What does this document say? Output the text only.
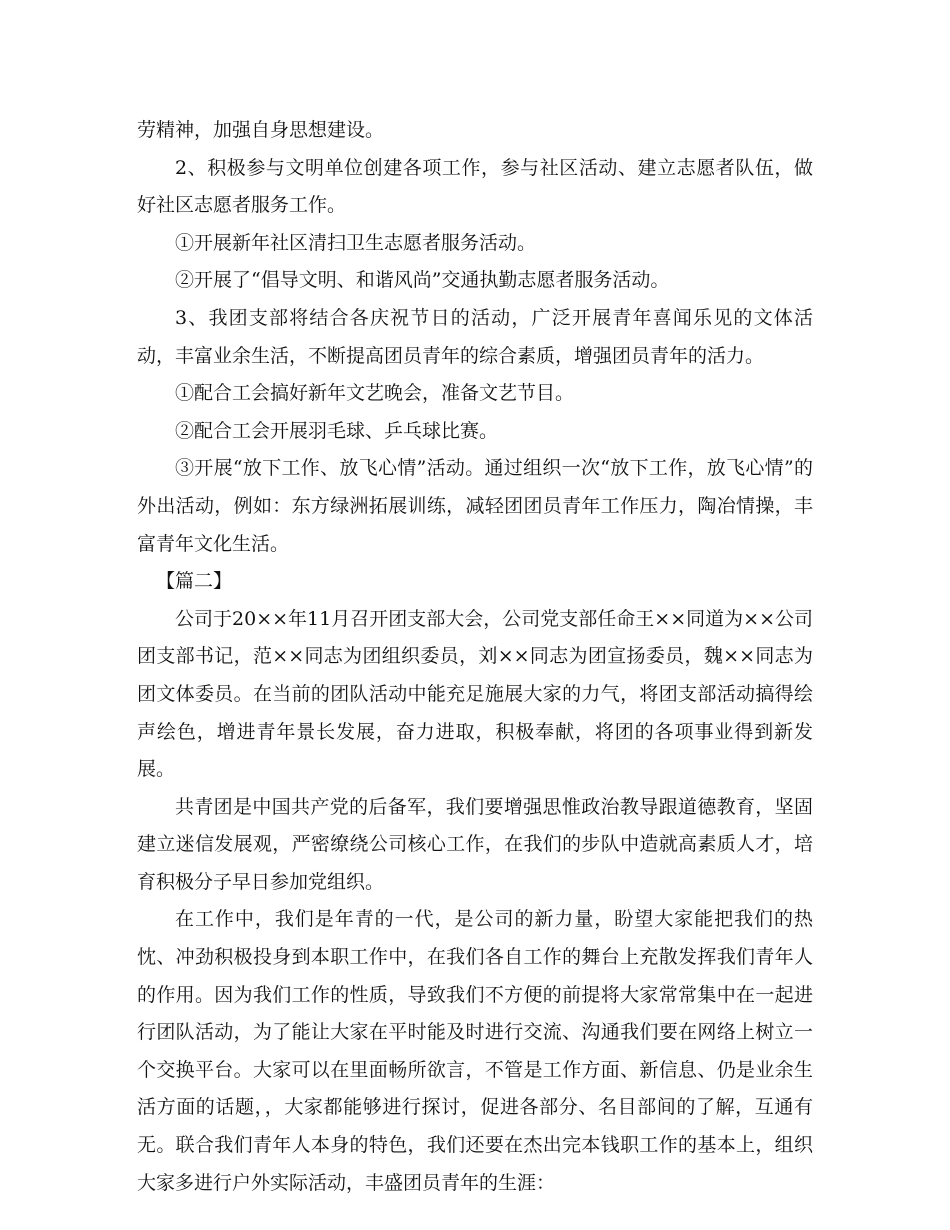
劳精神，加强自身思想建设。

2、积极参与文明单位创建各项工作，参与社区活动、建立志愿者队伍，做好社区志愿者服务工作。

①开展新年社区清扫卫生志愿者服务活动。

②开展了“倡导文明、和谐风尚”交通执勤志愿者服务活动。

3、我团支部将结合各庆祝节日的活动，广泛开展青年喜闻乐见的文体活动，丰富业余生活，不断提高团员青年的综合素质，增强团员青年的活力。

①配合工会搞好新年文艺晚会，准备文艺节目。

②配合工会开展羽毛球、乒乓球比赛。

③开展“放下工作、放飞心情”活动。通过组织一次“放下工作，放飞心情”的外出活动，例如：东方绿洲拓展训练，减轻团团员青年工作压力，陶冶情操，丰富青年文化生活。

【篇二】

公司于20××年11月召开团支部大会，公司党支部任命王××同道为××公司团支部书记，范××同志为团组织委员，刘××同志为团宣扬委员，魏××同志为团文体委员。在当前的团队活动中能充足施展大家的力气，将团支部活动搞得绘声绘色，增进青年景长发展，奋力进取，积极奉献，将团的各项事业得到新发展。

共青团是中国共产党的后备军，我们要增强思惟政治教导跟道德教育，坚固建立迷信发展观，严密缭绕公司核心工作，在我们的步队中造就高素质人才，培育积极分子早日参加党组织。

在工作中，我们是年青的一代，是公司的新力量，盼望大家能把我们的热忱、冲劲积极投身到本职工作中，在我们各自工作的舞台上充散发挥我们青年人的作用。因为我们工作的性质，导致我们不方便的前提将大家常常集中在一起进行团队活动，为了能让大家在平时能及时进行交流、沟通我们要在网络上树立一个交换平台。大家可以在里面畅所欲言，不管是工作方面、新信息、仍是业余生活方面的话题，，大家都能够进行探讨，促进各部分、名目部间的了解，互通有无。联合我们青年人本身的特色，我们还要在杰出完本钱职工作的基本上，组织大家多进行户外实际活动，丰盛团员青年的生涯：
